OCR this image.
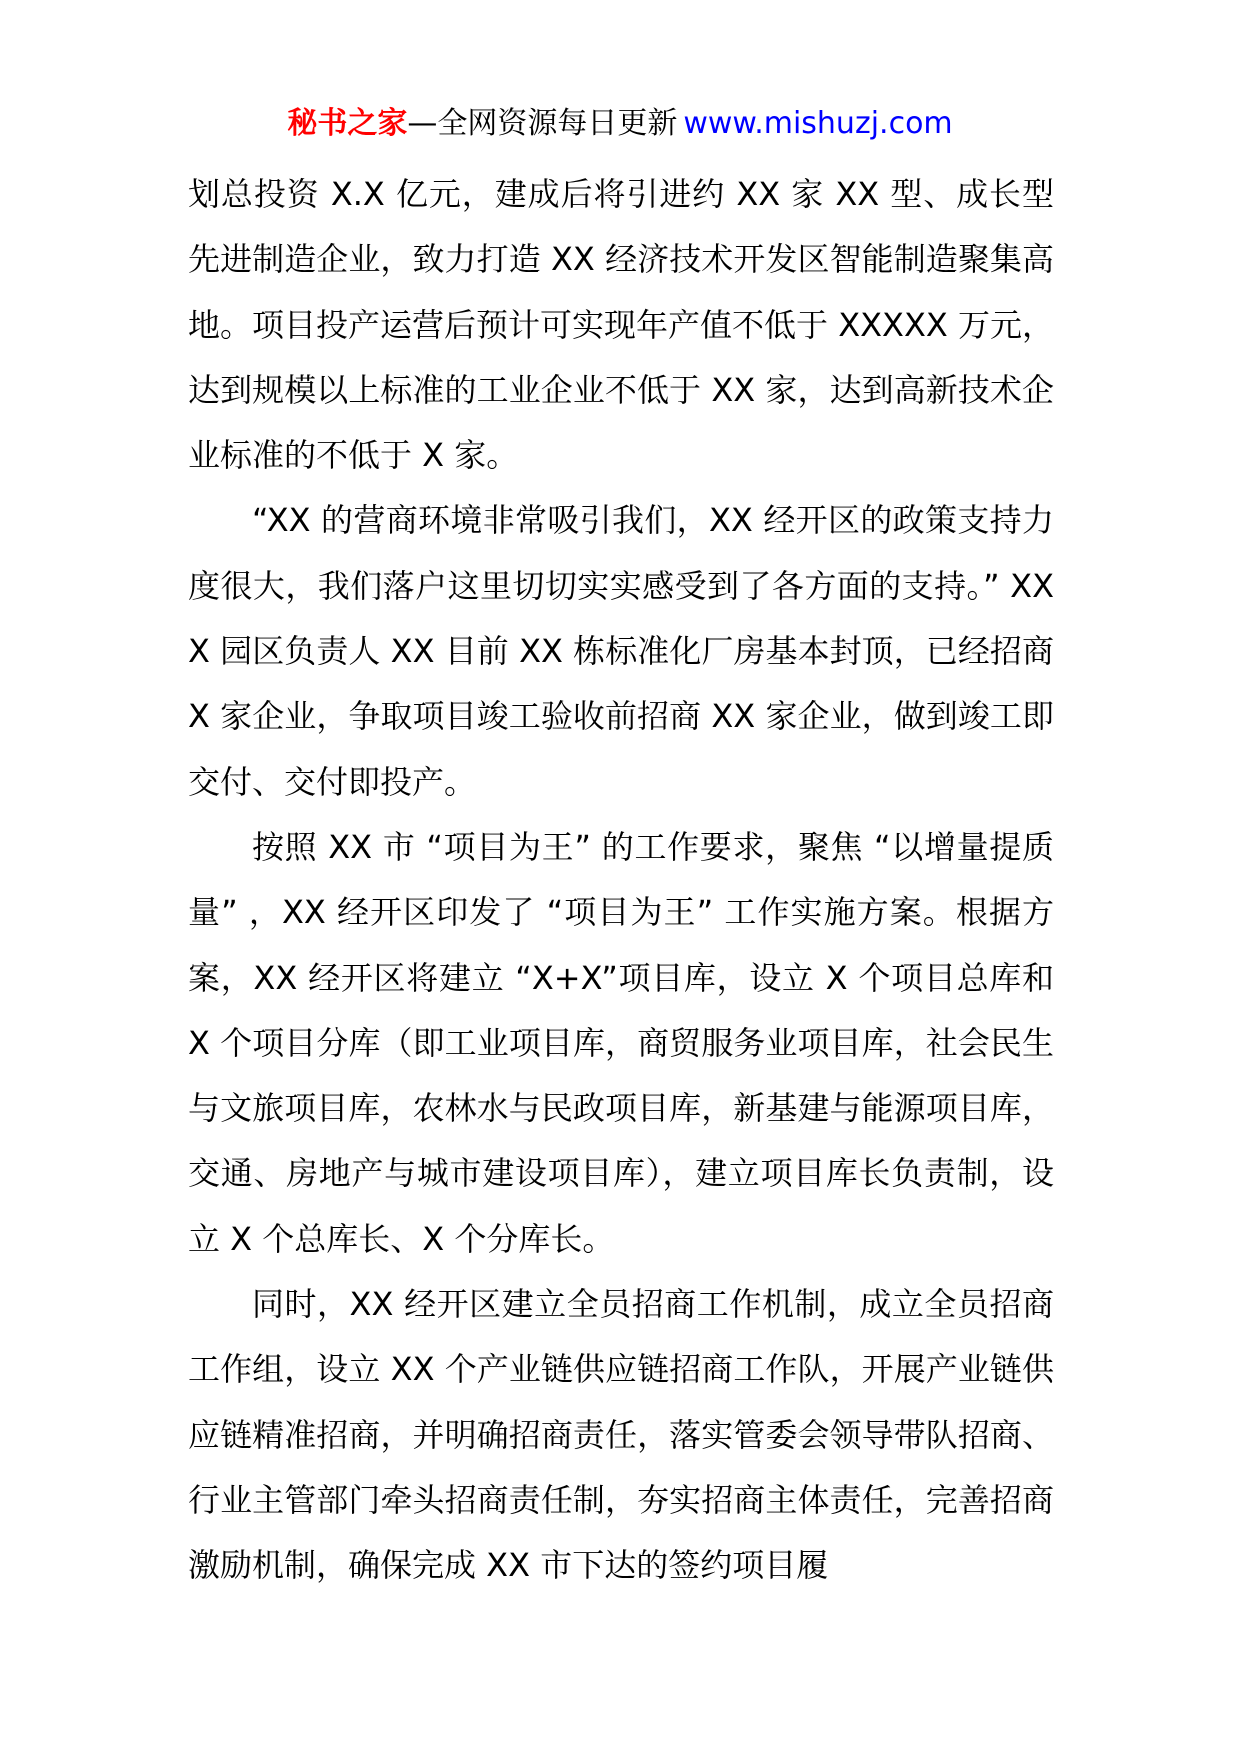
秘书之家—全网资源每日更新 www.mishuzj.com

划总投资 X.X 亿元，建成后将引进约 XX 家 XX 型、成长型先进制造企业，致力打造 XX 经济技术开发区智能制造聚集高地。项目投产运营后预计可实现年产值不低于 XXXXX 万元，达到规模以上标准的工业企业不低于 XX 家，达到高新技术企业标准的不低于 X 家。

“XX 的营商环境非常吸引我们，XX 经开区的政策支持力度很大，我们落户这里切切实实感受到了各方面的支持。” XXX 园区负责人 XX 目前 XX 栋标准化厂房基本封顶，已经招商 X 家企业，争取项目竣工验收前招商 XX 家企业，做到竣工即交付、交付即投产。

按照 XX 市 “项目为王” 的工作要求，聚焦 “以增量提质量” ，XX 经开区印发了 “项目为王” 工作实施方案。根据方案，XX 经开区将建立 “X+X”项目库，设立 X 个项目总库和 X 个项目分库（即工业项目库，商贸服务业项目库，社会民生与文旅项目库，农林水与民政项目库，新基建与能源项目库，交通、房地产与城市建设项目库），建立项目库长负责制，设立 X 个总库长、X 个分库长。

同时，XX 经开区建立全员招商工作机制，成立全员招商工作组，设立 XX 个产业链供应链招商工作队，开展产业链供应链精准招商，并明确招商责任，落实管委会领导带队招商、行业主管部门牵头招商责任制，夯实招商主体责任，完善招商激励机制，确保完成 XX 市下达的签约项目履
